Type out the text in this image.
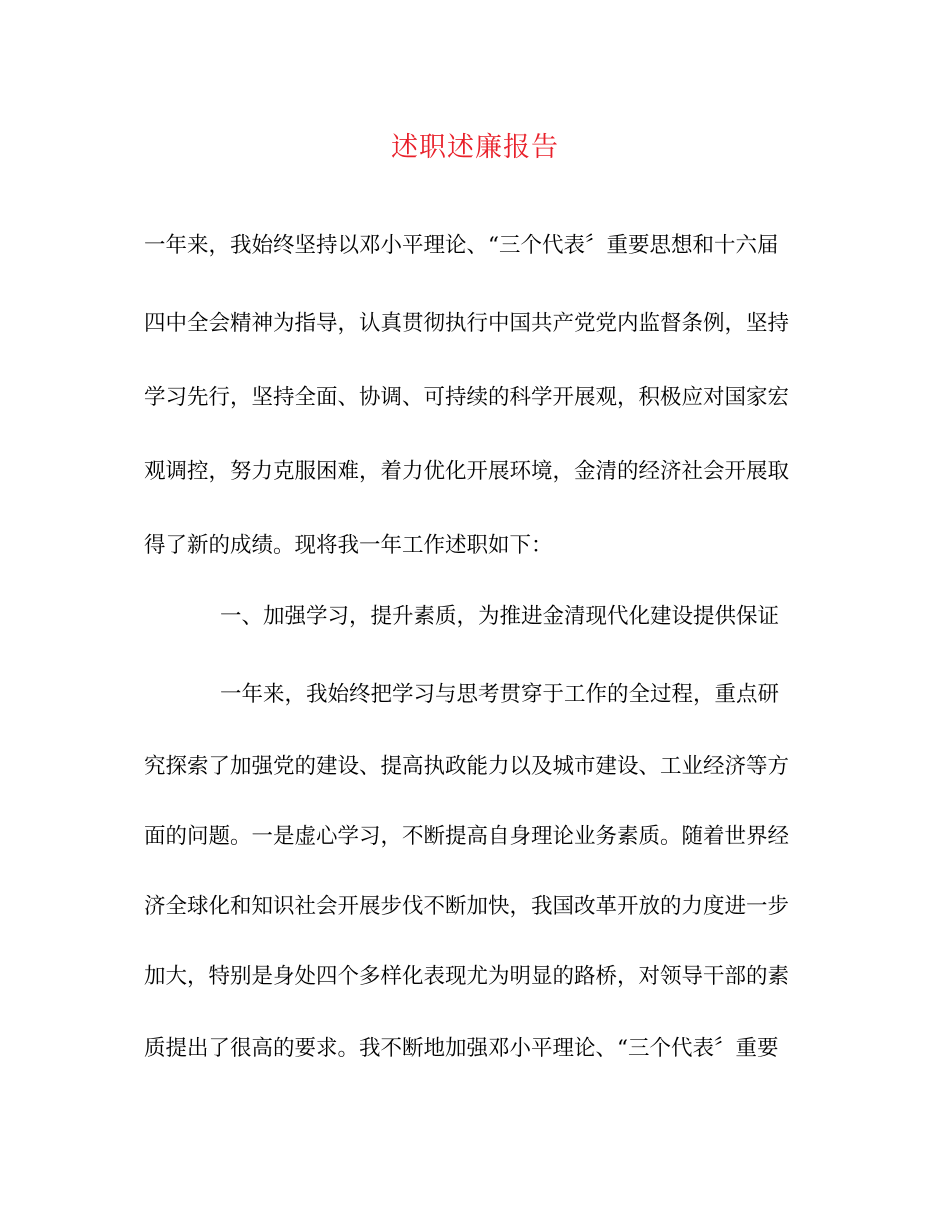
述职述廉报告
一年来，我始终坚持以邓小平理论、“三个代表〞重要思想和十六届
四中全会精神为指导，认真贯彻执行中国共产党党内监督条例，坚持
学习先行，坚持全面、协调、可持续的科学开展观，积极应对国家宏
观调控，努力克服困难，着力优化开展环境，金清的经济社会开展取
得了新的成绩。现将我一年工作述职如下：
一、加强学习，提升素质，为推进金清现代化建设提供保证
一年来，我始终把学习与思考贯穿于工作的全过程，重点研
究探索了加强党的建设、提高执政能力以及城市建设、工业经济等方
面的问题。一是虚心学习，不断提高自身理论业务素质。随着世界经
济全球化和知识社会开展步伐不断加快，我国改革开放的力度进一步
加大，特别是身处四个多样化表现尤为明显的路桥，对领导干部的素
质提出了很高的要求。我不断地加强邓小平理论、“三个代表〞重要
